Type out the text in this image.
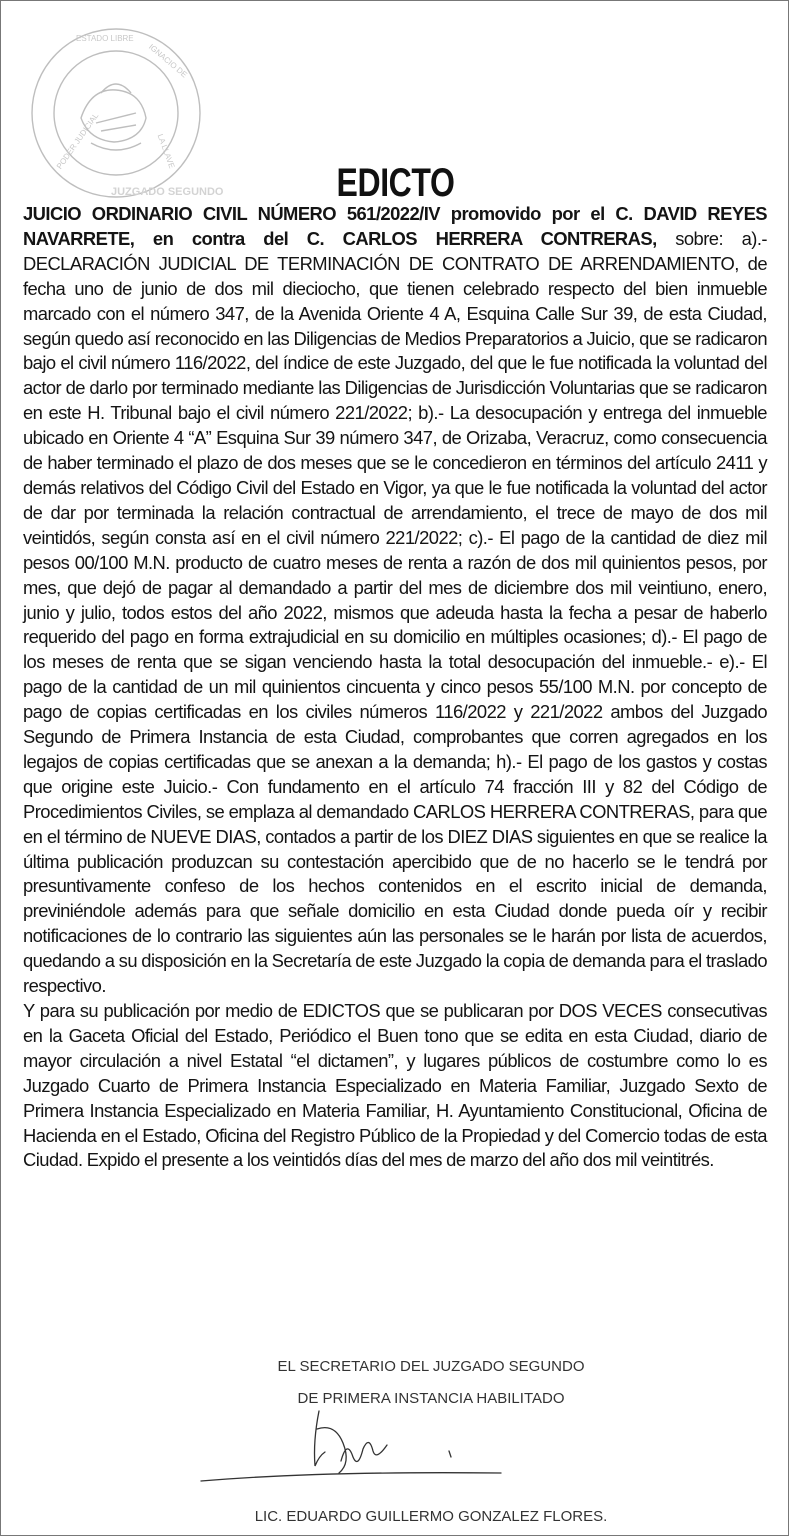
PODER JUDICIAL
ESTADO LIBRE
IGNACIO DE
LA LLAVE
JUZGADO SEGUNDO	EDICTO

JUICIO ORDINARIO CIVIL NÚMERO 561/2022/IV promovido por el C. DAVID REYES NAVARRETE, en contra del C. CARLOS HERRERA CONTRERAS, sobre: a).- DECLARACIÓN JUDICIAL DE TERMINACIÓN DE CONTRATO DE ARRENDAMIENTO, de fecha uno de junio de dos mil dieciocho, que tienen celebrado respecto del bien inmueble marcado con el número 347, de la Avenida Oriente 4 A, Esquina Calle Sur 39, de esta Ciudad, según quedo así reconocido en las Diligencias de Medios Preparatorios a Juicio, que se radicaron bajo el civil número 116/2022, del índice de este Juzgado, del que le fue notificada la voluntad del actor de darlo por terminado mediante las Diligencias de Jurisdicción Voluntarias que se radicaron en este H. Tribunal bajo el civil número 221/2022; b).- La desocupación y entrega del inmueble ubicado en Oriente 4 “A” Esquina Sur 39 número 347, de Orizaba, Veracruz, como consecuencia de haber terminado el plazo de dos meses que se le concedieron en términos del artículo 2411 y demás relativos del Código Civil del Estado en Vigor, ya que le fue notificada la voluntad del actor de dar por terminada la relación contractual de arrendamiento, el trece de mayo de dos mil veintidós, según consta así en el civil número 221/2022; c).- El pago de la cantidad de diez mil pesos 00/100 M.N. producto de cuatro meses de renta a razón de dos mil quinientos pesos, por mes, que dejó de pagar al demandado a partir del mes de diciembre dos mil veintiuno, enero, junio y julio, todos estos del año 2022, mismos que adeuda hasta la fecha a pesar de haberlo requerido del pago en forma extrajudicial en su domicilio en múltiples ocasiones; d).- El pago de los meses de renta que se sigan venciendo hasta la total desocupación del inmueble.- e).- El pago de la cantidad de un mil quinientos cincuenta y cinco pesos 55/100 M.N. por concepto de pago de copias certificadas en los civiles números 116/2022 y 221/2022 ambos del Juzgado Segundo de Primera Instancia de esta Ciudad, comprobantes que corren agregados en los legajos de copias certificadas que se anexan a la demanda; h).- El pago de los gastos y costas que origine este Juicio.- Con fundamento en el artículo 74 fracción III y 82 del Código de Procedimientos Civiles, se emplaza al demandado CARLOS HERRERA CONTRERAS, para que en el término de NUEVE DIAS, contados a partir de los DIEZ DIAS siguientes en que se realice la última publicación produzcan su contestación apercibido que de no hacerlo se le tendrá por presuntivamente confeso de los hechos contenidos en el escrito inicial de demanda, previniéndole además para que señale domicilio en esta Ciudad donde pueda oír y recibir notificaciones de lo contrario las siguientes aún las personales se le harán por lista de acuerdos, quedando a su disposición en la Secretaría de este Juzgado la copia de demanda para el traslado respectivo.

Y para su publicación por medio de EDICTOS que se publicaran por DOS VECES consecutivas en la Gaceta Oficial del Estado, Periódico el Buen tono que se edita en esta Ciudad, diario de mayor circulación a nivel Estatal “el dictamen”, y lugares públicos de costumbre como lo es Juzgado Cuarto de Primera Instancia Especializado en Materia Familiar, Juzgado Sexto de Primera Instancia Especializado en Materia Familiar, H. Ayuntamiento Constitucional, Oficina de Hacienda en el Estado, Oficina del Registro Público de la Propiedad y del Comercio todas de esta Ciudad. Expido el presente a los veintidós días del mes de marzo del año dos mil veintitrés.

EL SECRETARIO DEL JUZGADO SEGUNDO
DE PRIMERA INSTANCIA HABILITADO
LIC. EDUARDO GUILLERMO GONZALEZ FLORES.
